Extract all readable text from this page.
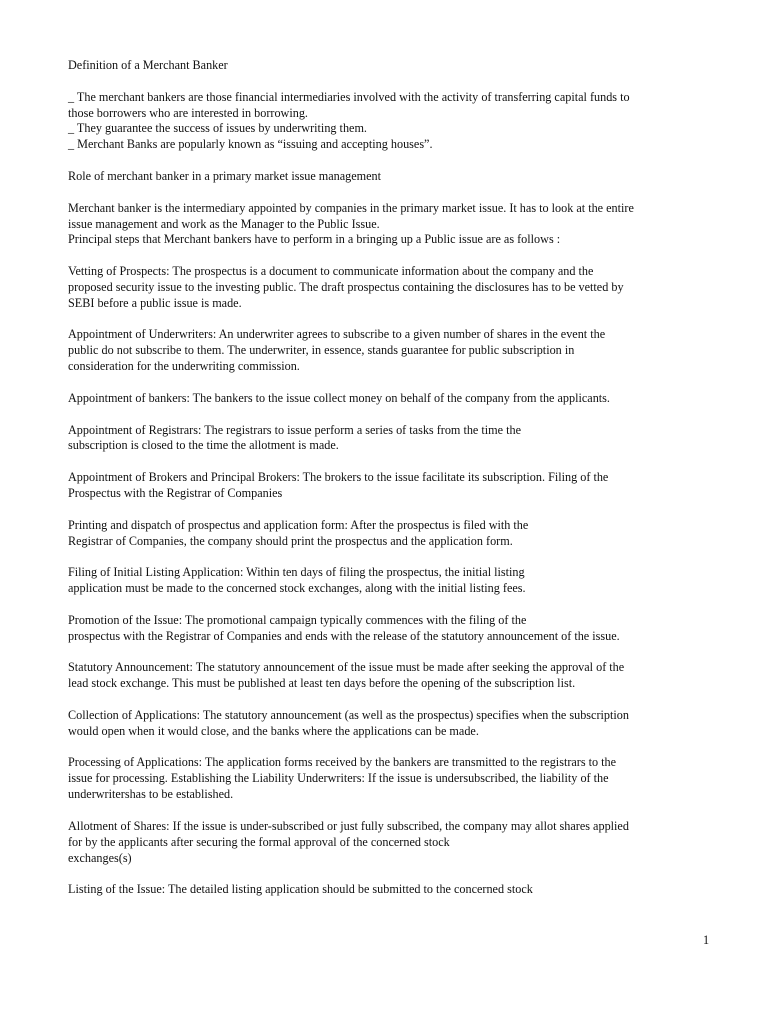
Definition of a Merchant Banker
_ The merchant bankers are those financial intermediaries involved with the activity of transferring capital funds to
those borrowers who are interested in borrowing.
_ They guarantee the success of issues by underwriting them.
_ Merchant Banks are popularly known as “issuing and accepting houses”.
Role of merchant banker in a primary market issue management
Merchant banker is the intermediary appointed by companies in the primary market issue. It has to look at the entire
issue management and work as the Manager to the Public Issue.
Principal steps that Merchant bankers have to perform in a bringing up a Public issue are as follows :
Vetting of Prospects: The prospectus is a document to communicate information about the company and the
proposed security issue to the investing public. The draft prospectus containing the disclosures has to be vetted by
SEBI before a public issue is made.
Appointment of Underwriters: An underwriter agrees to subscribe to a given number of shares in the event the
public do not subscribe to them. The underwriter, in essence, stands guarantee for public subscription in
consideration for the underwriting commission.
Appointment of bankers: The bankers to the issue collect money on behalf of the company from the applicants.
Appointment of Registrars: The registrars to issue perform a series of tasks from the time the
subscription is closed to the time the allotment is made.
Appointment of Brokers and Principal Brokers: The brokers to the issue facilitate its subscription. Filing of the
Prospectus with the Registrar of Companies
Printing and dispatch of prospectus and application form: After the prospectus is filed with the
Registrar of Companies, the company should print the prospectus and the application form.
Filing of Initial Listing Application: Within ten days of filing the prospectus, the initial listing
application must be made to the concerned stock exchanges, along with the initial listing fees.
Promotion of the Issue: The promotional campaign typically commences with the filing of the
prospectus with the Registrar of Companies and ends with the release of the statutory announcement of the issue.
Statutory Announcement: The statutory announcement of the issue must be made after seeking the approval of the
lead stock exchange. This must be published at least ten days before the opening of the subscription list.
Collection of Applications: The statutory announcement (as well as the prospectus) specifies when the subscription
would open when it would close, and the banks where the applications can be made.
Processing of Applications: The application forms received by the bankers are transmitted to the registrars to the
issue for processing. Establishing the Liability Underwriters: If the issue is undersubscribed, the liability of the
underwritershas to be established.
Allotment of Shares: If the issue is under-subscribed or just fully subscribed, the company may allot shares applied
for by the applicants after securing the formal approval of the concerned stock
exchanges(s)
Listing of the Issue: The detailed listing application should be submitted to the concerned stock
1
